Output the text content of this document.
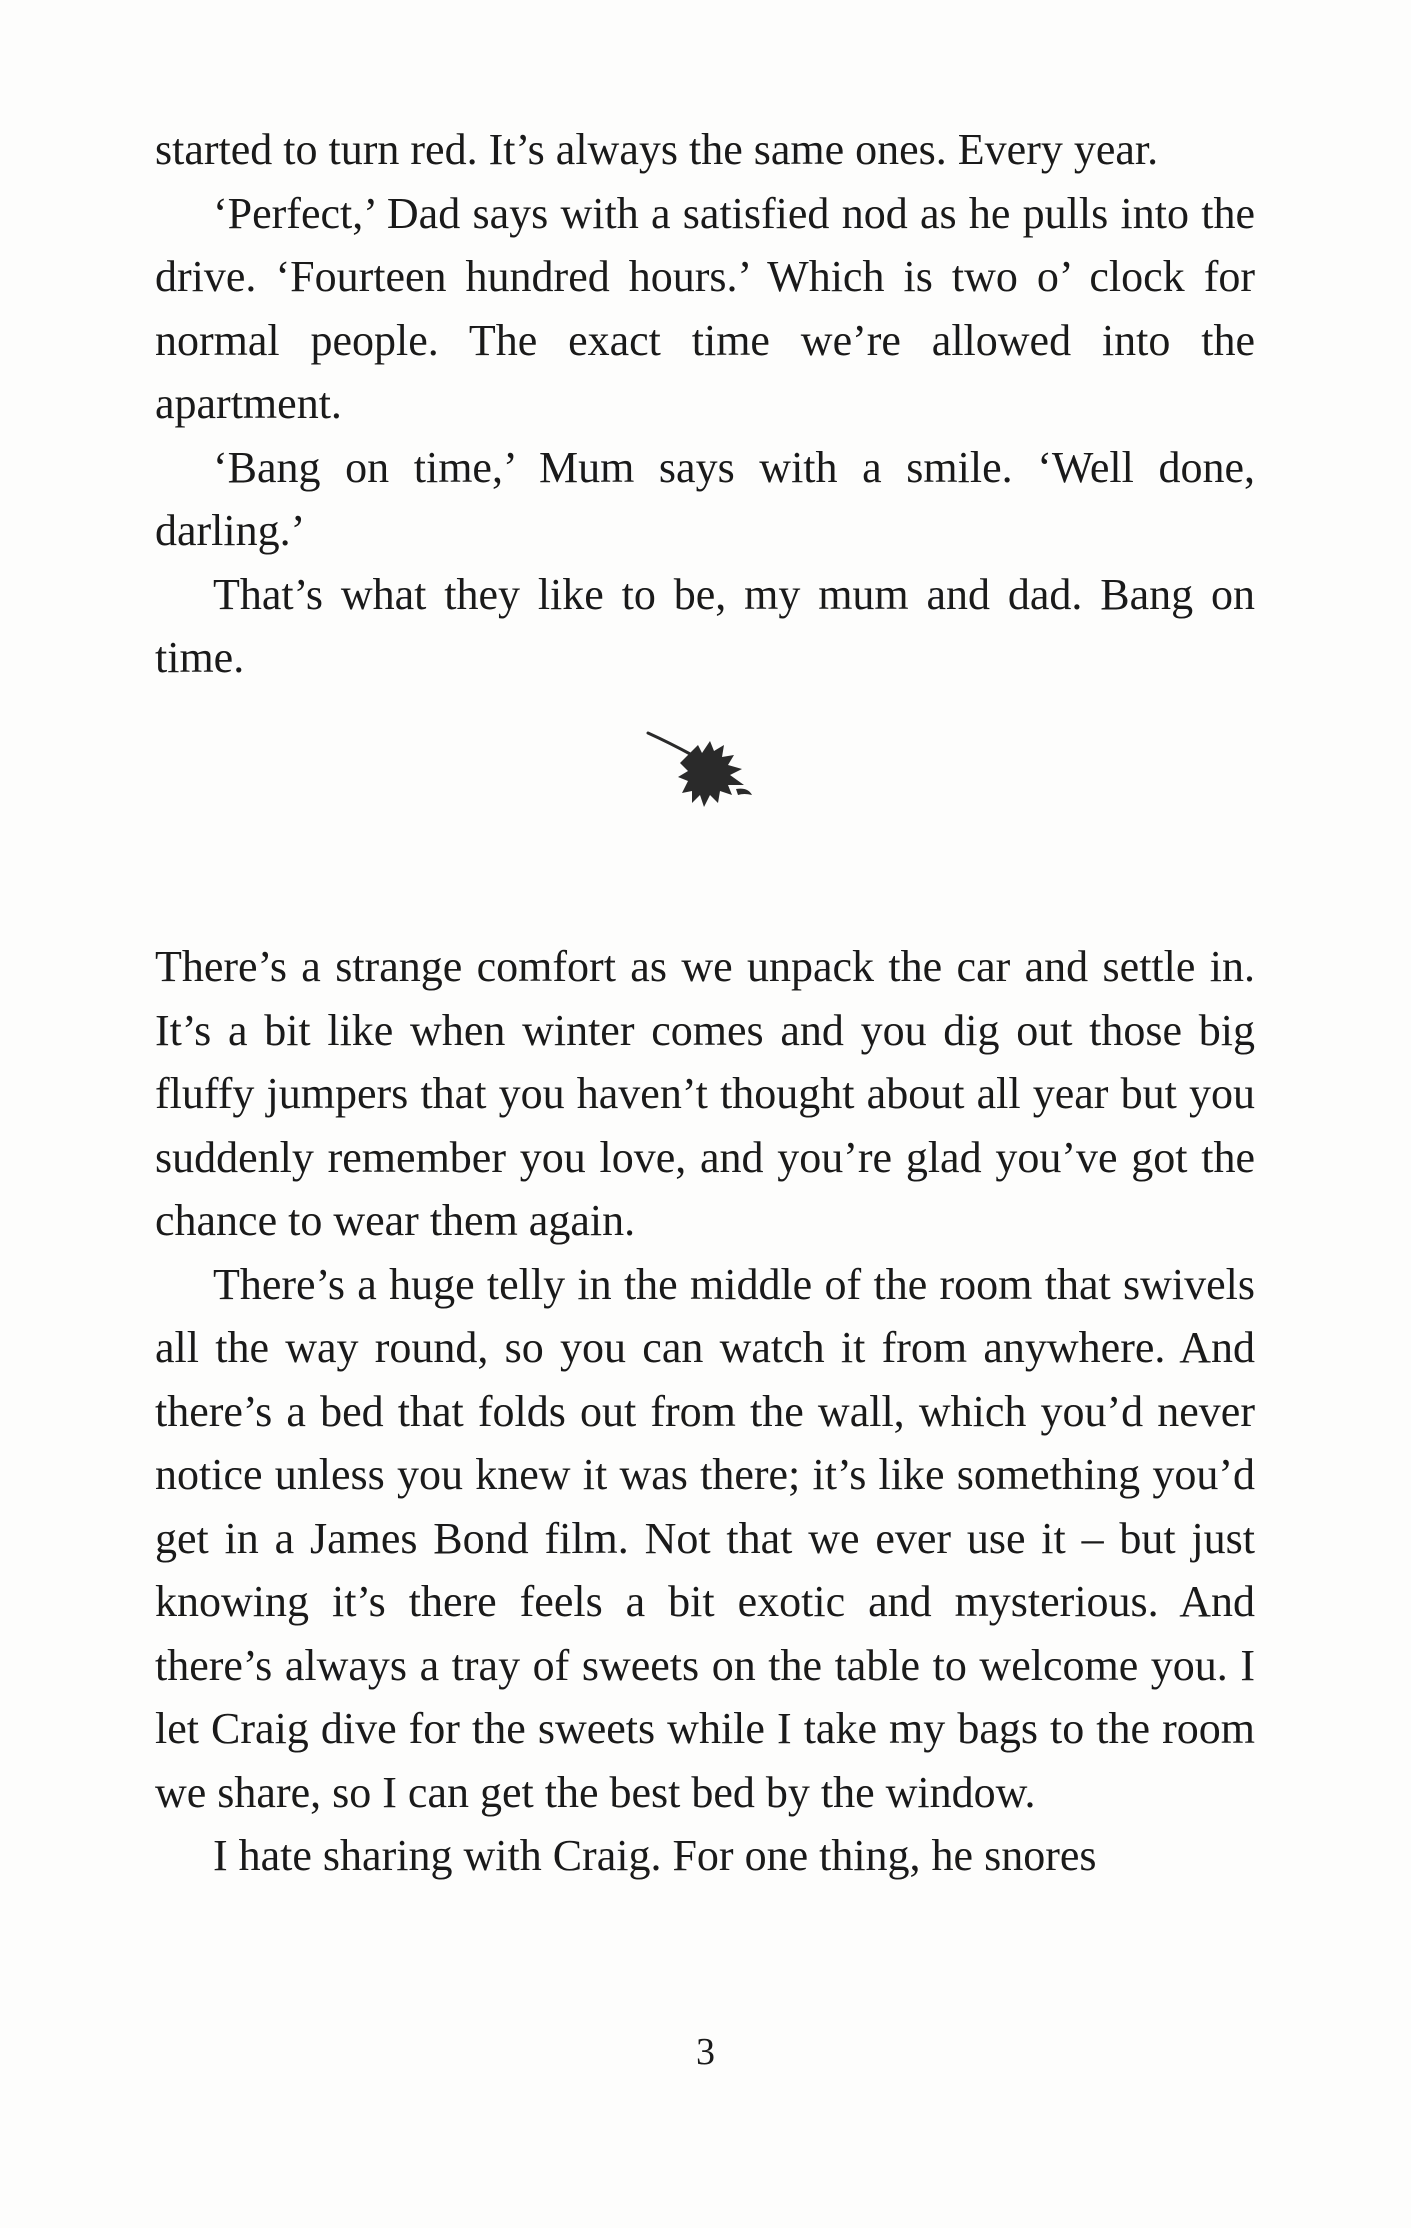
started to turn red. It’s always the same ones. Every year.

‘Perfect,’ Dad says with a satisfied nod as he pulls into the drive. ‘Fourteen hundred hours.’ Which is two o’ clock for normal people. The exact time we’re allowed into the apartment.

‘Bang on time,’ Mum says with a smile. ‘Well done, darling.’

That’s what they like to be, my mum and dad. Bang on time.

There’s a strange comfort as we unpack the car and settle in. It’s a bit like when winter comes and you dig out those big fluffy jumpers that you haven’t thought about all year but you suddenly remember you love, and you’re glad you’ve got the chance to wear them again.

There’s a huge telly in the middle of the room that swivels all the way round, so you can watch it from anywhere. And there’s a bed that folds out from the wall, which you’d never notice unless you knew it was there; it’s like something you’d get in a James Bond film. Not that we ever use it – but just knowing it’s there feels a bit exotic and mysterious. And there’s always a tray of sweets on the table to welcome you. I let Craig dive for the sweets while I take my bags to the room we share, so I can get the best bed by the window.

I hate sharing with Craig. For one thing, he snores

3
